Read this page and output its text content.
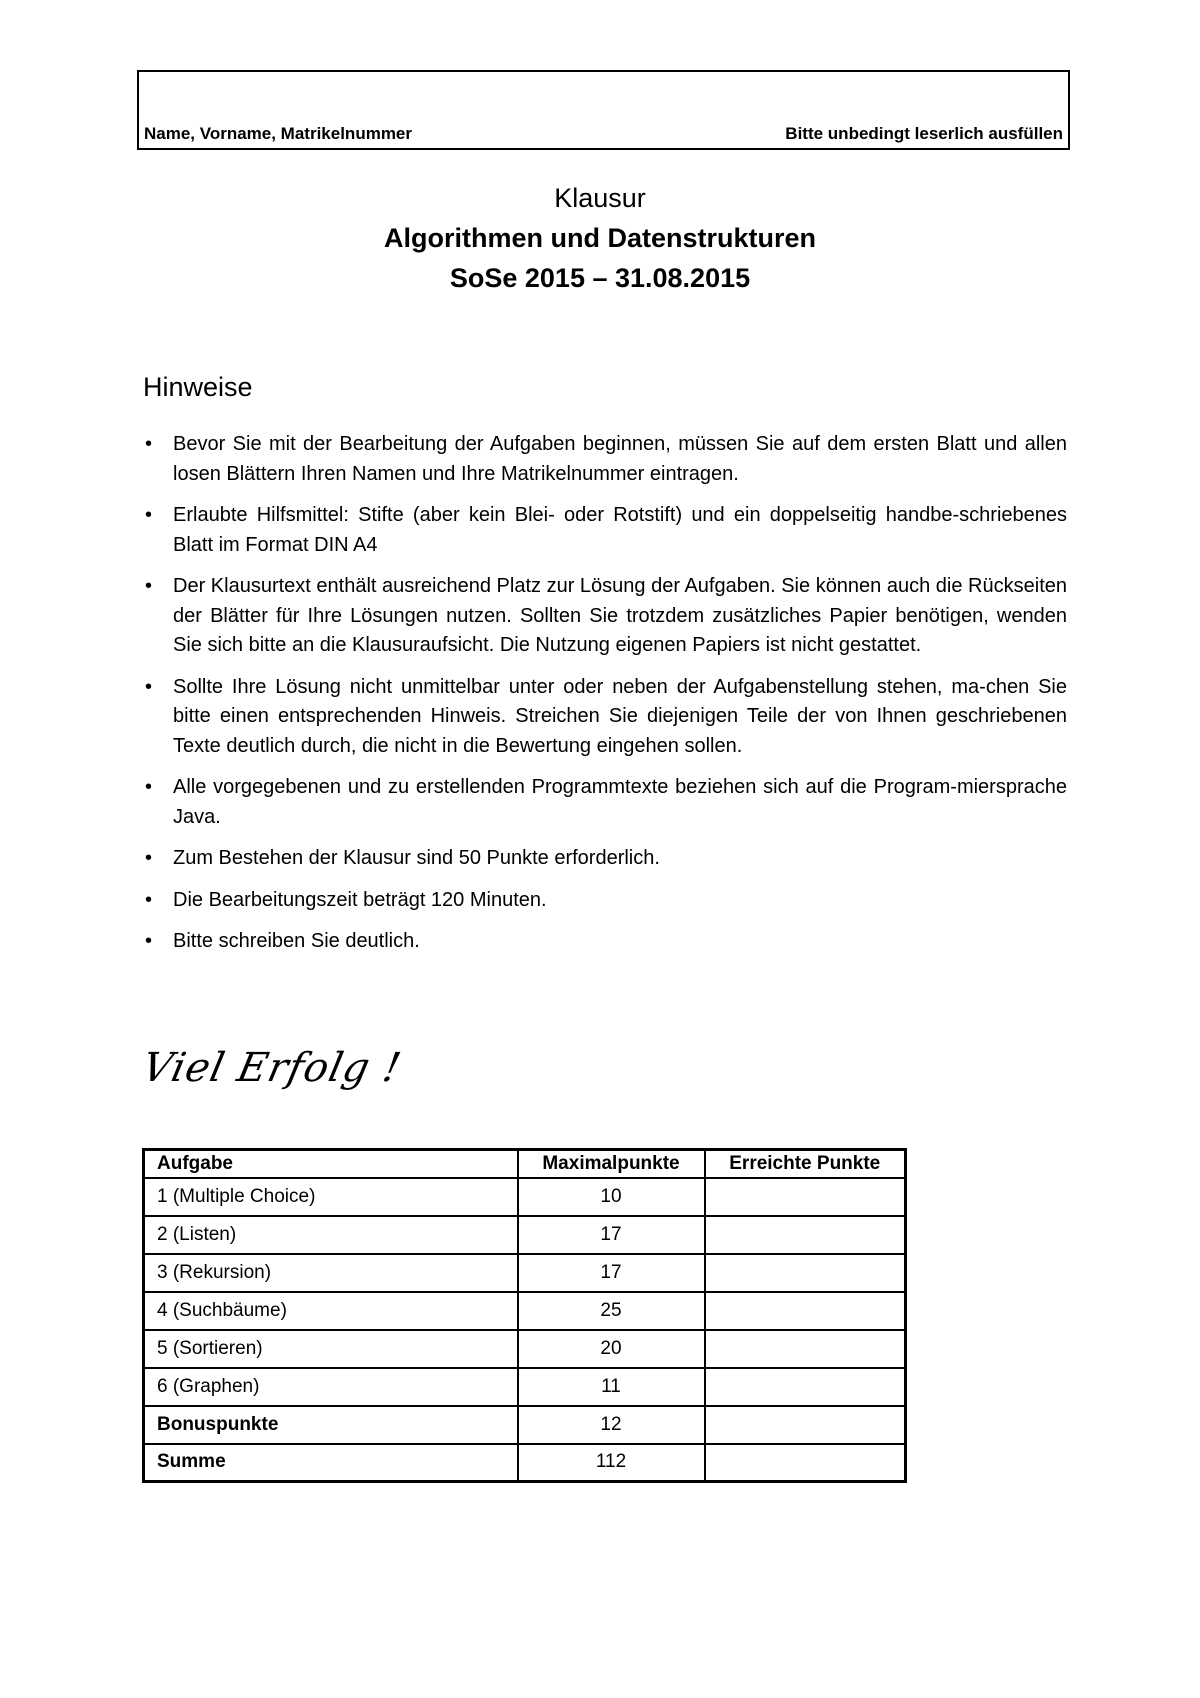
Name, Vorname, Matrikelnummer	Bitte unbedingt leserlich ausfüllen
Klausur
Algorithmen und Datenstrukturen
SoSe 2015 – 31.08.2015
Hinweise
• Bevor Sie mit der Bearbeitung der Aufgaben beginnen, müssen Sie auf dem ersten Blatt und allen losen Blättern Ihren Namen und Ihre Matrikelnummer eintragen.
• Erlaubte Hilfsmittel: Stifte (aber kein Blei- oder Rotstift) und ein doppelseitig handbe-schriebenes Blatt im Format DIN A4
• Der Klausurtext enthält ausreichend Platz zur Lösung der Aufgaben. Sie können auch die Rückseiten der Blätter für Ihre Lösungen nutzen. Sollten Sie trotzdem zusätzliches Papier benötigen, wenden Sie sich bitte an die Klausuraufsicht. Die Nutzung eigenen Papiers ist nicht gestattet.
• Sollte Ihre Lösung nicht unmittelbar unter oder neben der Aufgabenstellung stehen, ma-chen Sie bitte einen entsprechenden Hinweis. Streichen Sie diejenigen Teile der von Ihnen geschriebenen Texte deutlich durch, die nicht in die Bewertung eingehen sollen.
• Alle vorgegebenen und zu erstellenden Programmtexte beziehen sich auf die Program-miersprache Java.
• Zum Bestehen der Klausur sind 50 Punkte erforderlich.
• Die Bearbeitungszeit beträgt 120 Minuten.
• Bitte schreiben Sie deutlich.
Viel Erfolg !
Aufgabe	Maximalpunkte	Erreichte Punkte
1 (Multiple Choice)	10	
2 (Listen)	17	
3 (Rekursion)	17	
4 (Suchbäume)	25	
5 (Sortieren)	20	
6 (Graphen)	11	
Bonuspunkte	12	
Summe	112	
